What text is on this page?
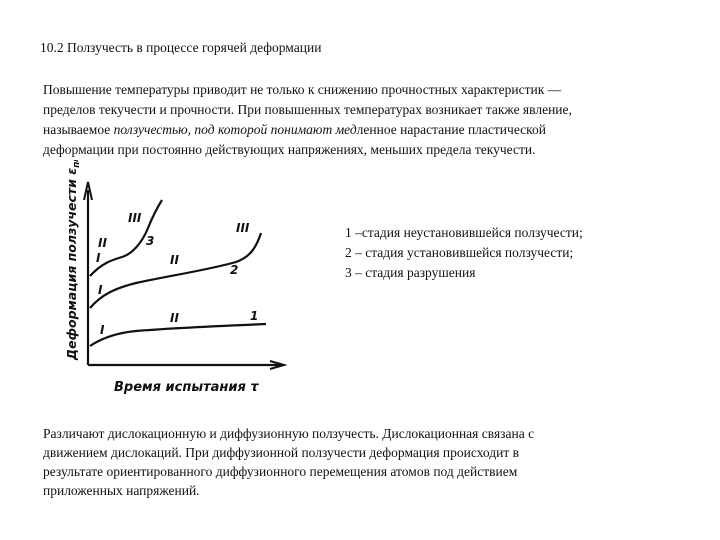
10.2 Ползучесть в процессе горячей деформации

Повышение температуры приводит не только к снижению прочностных характеристик —
пределов текучести и прочности. При повышенных температурах возникает также явление,
называемое ползучестью, под которой понимают медленное нарастание пластической
деформации при постоянно действующих напряжениях, меньших предела текучести.

Деформация ползучести $\varepsilon_п$
Время испытания τ
I
II
III
3
I
II
III
2
I
II	1

1 –стадия неустановившейся ползучести;
2 – стадия установившейся ползучести;
3 – стадия разрушения

Различают дислокационную и диффузионную ползучесть. Дислокационная связана с
движением дислокаций. При диффузионной ползучести деформация происходит в
результате ориентированного диффузионного перемещения атомов под действием
приложенных напряжений.
